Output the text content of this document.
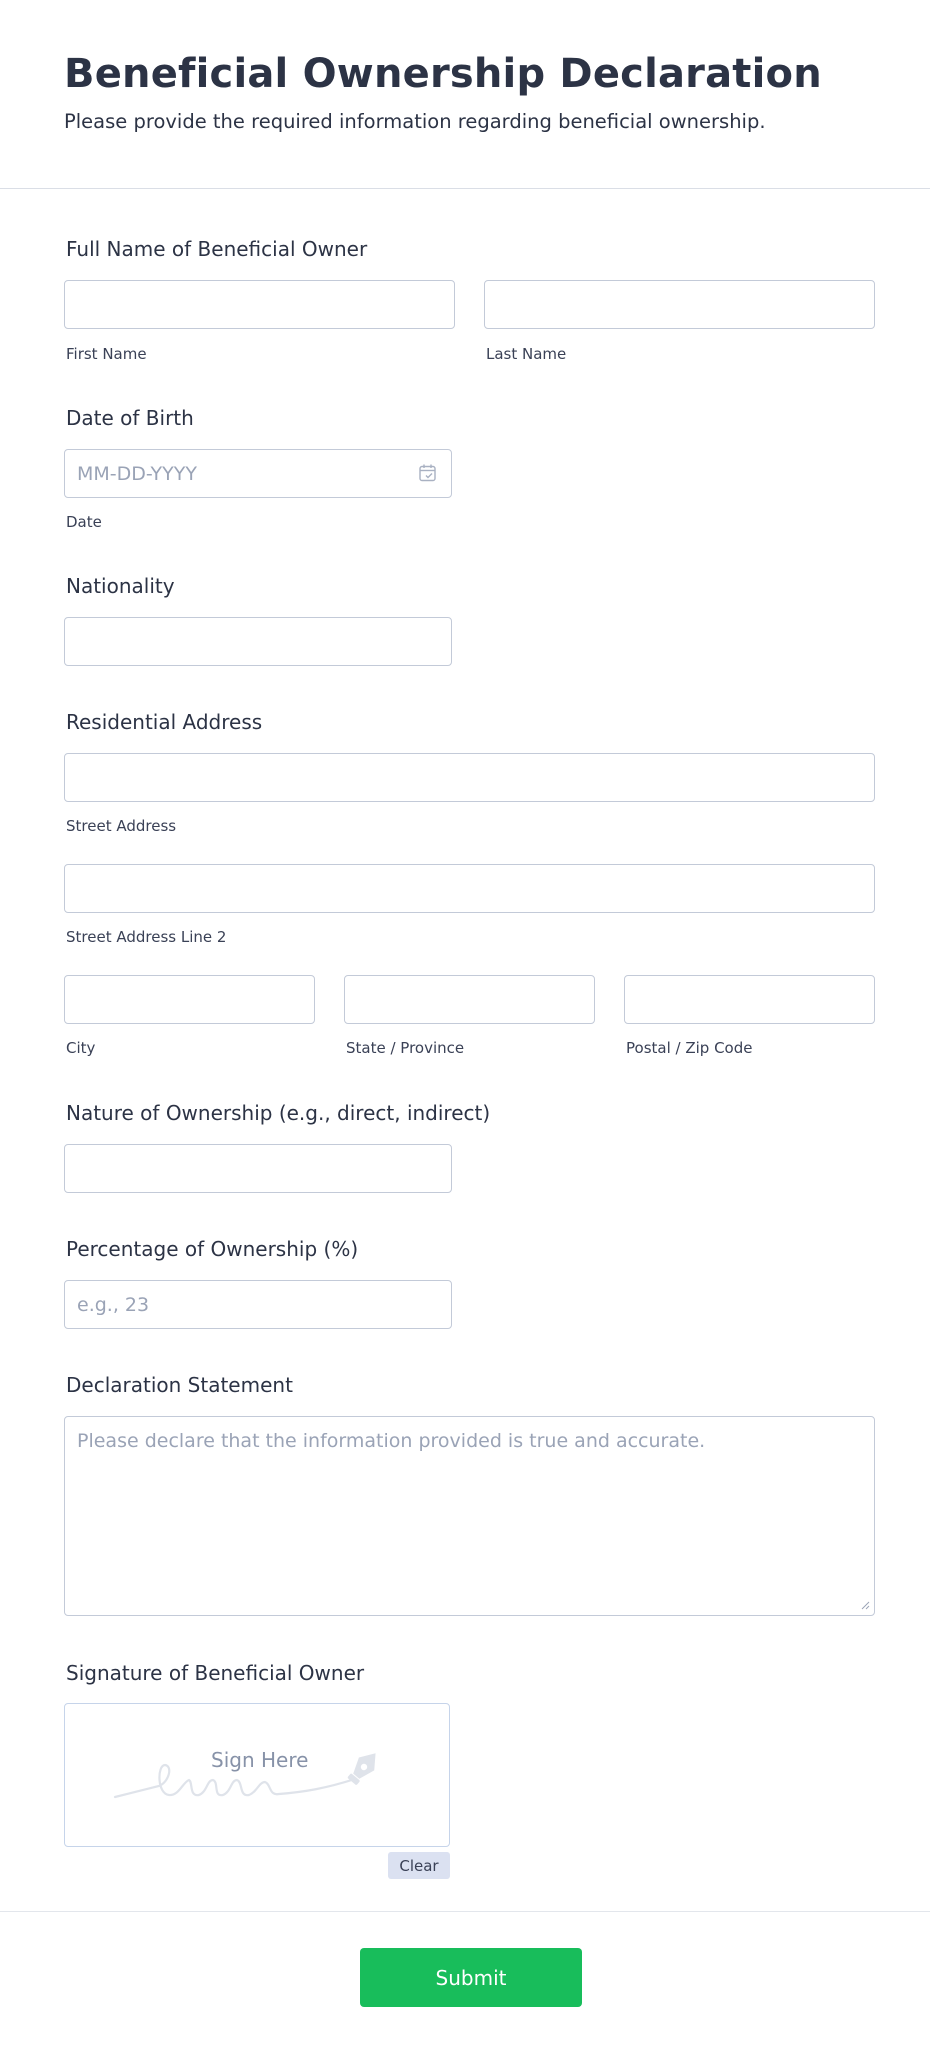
Beneficial Ownership Declaration

Please provide the required information regarding beneficial ownership.

Full Name of Beneficial Owner
First Name	Last Name
Date of Birth
MM-DD-YYYY
Date
Nationality
Residential Address
Street Address
Street Address Line 2
City	State / Province	Postal / Zip Code
Nature of Ownership (e.g., direct, indirect)
Percentage of Ownership (%)
e.g., 23
Declaration Statement
Please declare that the information provided is true and accurate.
Signature of Beneficial Owner
Sign Here
Clear
Submit
